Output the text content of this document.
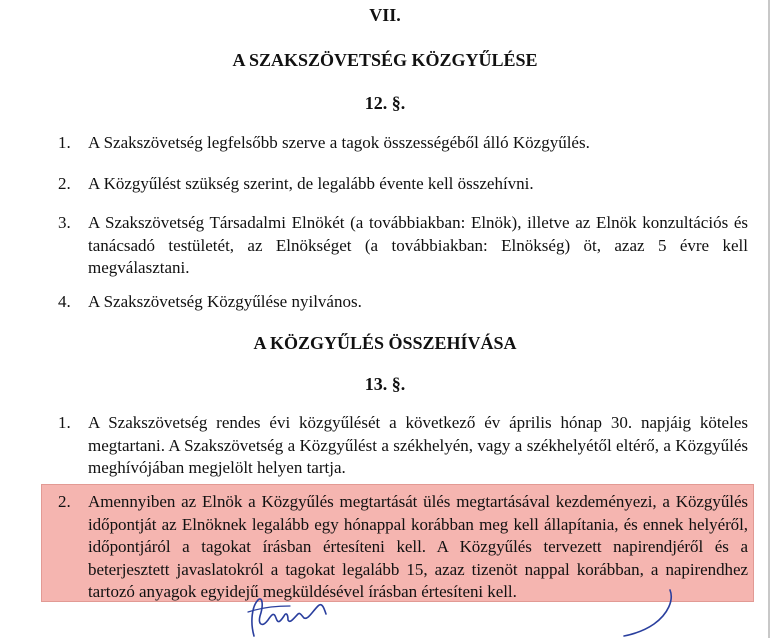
VII.
A SZAKSZÖVETSÉG KÖZGYŰLÉSE
12. §.
1. A Szakszövetség legfelsőbb szerve a tagok összességéből álló Közgyűlés.
2. A Közgyűlést szükség szerint, de legalább évente kell összehívni.
3. A Szakszövetség Társadalmi Elnökét (a továbbiakban: Elnök), illetve az Elnök konzultációs és tanácsadó testületét, az Elnökséget (a továbbiakban: Elnökség) öt, azaz 5 évre kell megválasztani.
4. A Szakszövetség Közgyűlése nyilvános.
A KÖZGYŰLÉS ÖSSZEHÍVÁSA
13. §.
1. A Szakszövetség rendes évi közgyűlését a következő év április hónap 30. napjáig köteles megtartani. A Szakszövetség a Közgyűlést a székhelyén, vagy a székhelyétől eltérő, a Közgyűlés meghívójában megjelölt helyen tartja.
2. Amennyiben az Elnök a Közgyűlés megtartását ülés megtartásával kezdeményezi, a Közgyűlés időpontját az Elnöknek legalább egy hónappal korábban meg kell állapítania, és ennek helyéről, időpontjáról a tagokat írásban értesíteni kell. A Közgyűlés tervezett napirendjéről és a beterjesztett javaslatokról a tagokat legalább 15, azaz tizenöt nappal korábban, a napirendhez tartozó anyagok egyidejű megküldésével írásban értesíteni kell.
